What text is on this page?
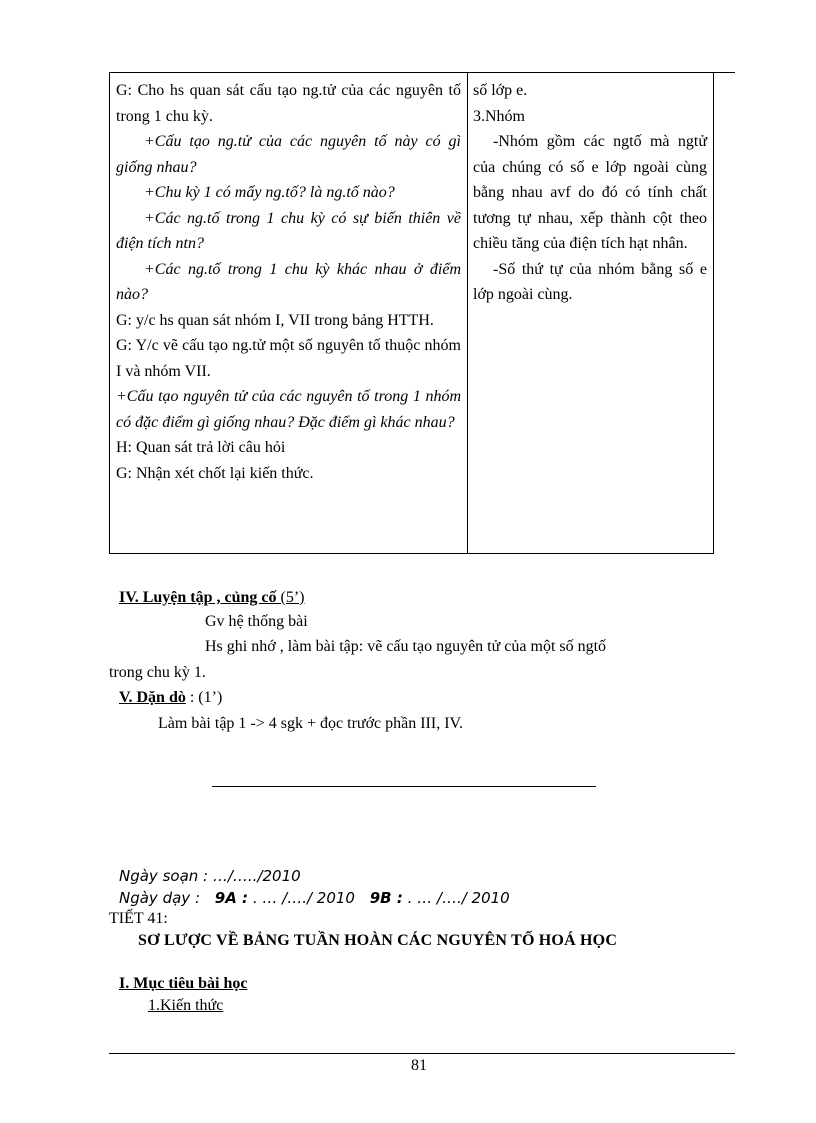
G: Cho hs quan sát cấu tạo ng.tử của các nguyên tố trong 1 chu kỳ.

+Cấu tạo ng.tử của các nguyên tố này có gì giống nhau?

+Chu kỳ 1 có mấy ng.tố? là ng.tố nào?

+Các ng.tố trong 1 chu kỳ có sự biến thiên về điện tích ntn?

+Các ng.tố trong 1 chu kỳ khác nhau ở điểm nào?

G: y/c hs quan sát nhóm I, VII trong bảng HTTH.

G: Y/c vẽ cấu tạo ng.tử một số nguyên tố thuộc nhóm I và nhóm VII.

+Cấu tạo nguyên tử của các nguyên tố trong 1 nhóm có đặc điểm gì giống nhau? Đặc điểm gì khác nhau?

H: Quan sát trả lời câu hỏi

G: Nhận xét chốt lại kiến thức.

số lớp e.

3.Nhóm

-Nhóm gồm các ngtố mà ngtử của chúng có số e lớp ngoài cùng bằng nhau avf do đó có tính chất tương tự nhau, xếp thành cột theo chiều tăng của điện tích hạt nhân.

-Số thứ tự của nhóm bằng số e lớp ngoài cùng.

IV. Luyện tập , củng cố (5’)
Gv hệ thống bài
Hs ghi nhớ , làm bài tập: vẽ cấu tạo nguyên tử của một số ngtố
trong chu kỳ 1.
V. Dặn dò : (1’)
Làm bài tập 1 -> 4 sgk + đọc trước phần III, IV.
Ngày soạn : …/…../2010
Ngày dạy : 9A : . … /…./ 2010 9B : . … /…./ 2010
TIẾT 41:
SƠ LƯỢC VỀ BẢNG TUẦN HOÀN CÁC NGUYÊN TỐ HOÁ HỌC
I. Mục tiêu bài học
1.Kiến thức
81
